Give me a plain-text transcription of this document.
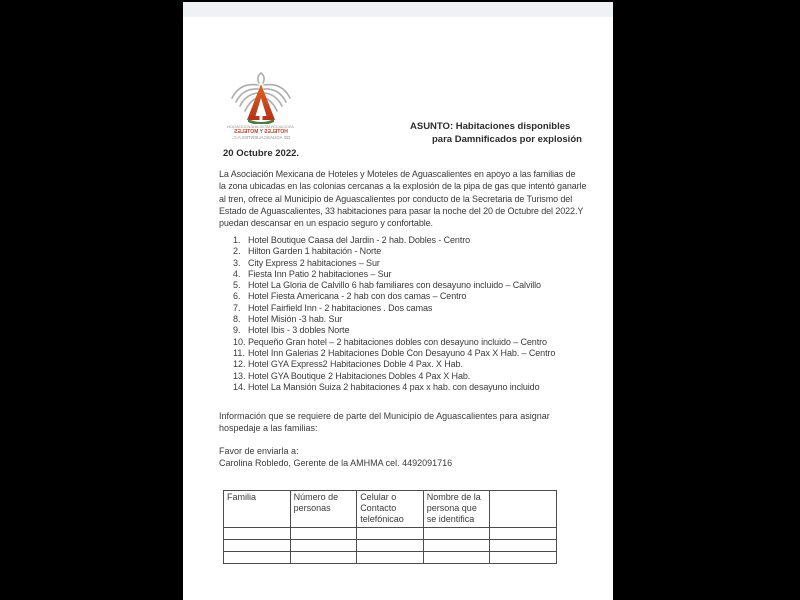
ASOCIACION MEXICANA ASOCIACION
HOTELES Y MOTELES
DE AGUASCALIENTES A.C.
ASUNTO: Habitaciones disponibles
para Damnificados por explosión
20 Octubre 2022.
La Asociación Mexicana de Hoteles y Moteles de Aguascalientes en apoyo a las familias de
la zona ubicadas en las colonias cercanas a la explosión de la pipa de gas que intentó ganarle
al tren, ofrece al Municipio de Aguascalientes por conducto de la Secretaria de Turismo del
Estado de Aguascalientes, 33 habitaciones para pasar la noche del 20 de Octubre del 2022.Y
puedan descansar en un espacio seguro y confortable.
1. Hotel Boutique Caasa del Jardin - 2 hab. Dobles - Centro
2. Hilton Garden 1 habitación - Norte
3. City Express 2 habitaciones – Sur
4. Fiesta Inn Patio 2 habitaciones – Sur
5. Hotel La Gloria de Calvillo 6 hab familiares con desayuno incluido – Calvillo
6. Hotel Fiesta Americana - 2 hab con dos camas – Centro
7. Hotel Fairfield Inn - 2 habitaciones . Dos camas
8. Hotel Misión -3 hab. Sur
9. Hotel Ibis - 3 dobles Norte
10. Pequeño Gran hotel – 2 habitaciones dobles con desayuno incluido – Centro
11. Hotel Inn Galerias 2 Habitaciones Doble Con Desayuno 4 Pax X Hab. – Centro
12. Hotel GYA Express2 Habitaciones Doble 4 Pax. X Hab.
13. Hotel GYA Boutique 2 Habitaciones Dobles 4 Pax X Hab.
14. Hotel La Mansión Suiza 2 habitaciones 4 pax x hab. con desayuno incluido
Información que se requiere de parte del Municipio de Aguascalientes para asignar
hospedaje a las familias:
Favor de enviarla a:
Carolina Robledo, Gerente de la AMHMA cel. 4492091716
Familia	Número de personas	Celular o Contacto telefónicao	Nombre de la persona que se identifica	
